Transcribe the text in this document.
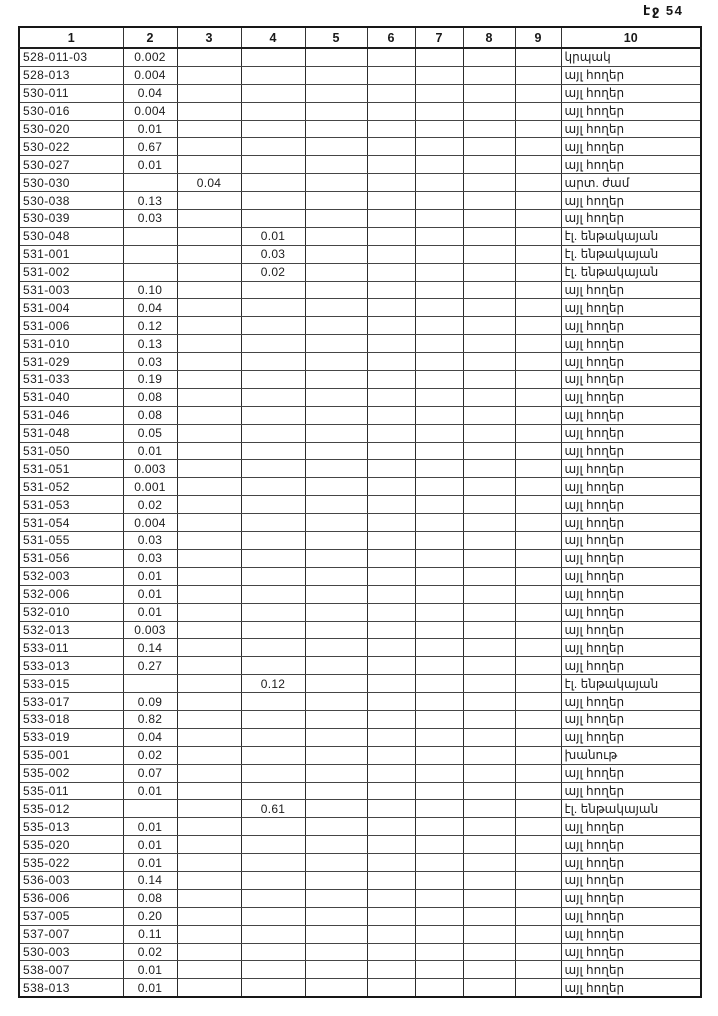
էջ 54
1	2	3	4	5	6	7	8	9	10
528-011-03	0.002								կրպակ
528-013	0.004								այլ հողեր
530-011	0.04								այլ հողեր
530-016	0.004								այլ հողեր
530-020	0.01								այլ հողեր
530-022	0.67								այլ հողեր
530-027	0.01								այլ հողեր
530-030		0.04							արտ. ժամ
530-038	0.13								այլ հողեր
530-039	0.03								այլ հողեր
530-048			0.01						էլ. ենթակայան
531-001			0.03						էլ. ենթակայան
531-002			0.02						էլ. ենթակայան
531-003	0.10								այլ հողեր
531-004	0.04								այլ հողեր
531-006	0.12								այլ հողեր
531-010	0.13								այլ հողեր
531-029	0.03								այլ հողեր
531-033	0.19								այլ հողեր
531-040	0.08								այլ հողեր
531-046	0.08								այլ հողեր
531-048	0.05								այլ հողեր
531-050	0.01								այլ հողեր
531-051	0.003								այլ հողեր
531-052	0.001								այլ հողեր
531-053	0.02								այլ հողեր
531-054	0.004								այլ հողեր
531-055	0.03								այլ հողեր
531-056	0.03								այլ հողեր
532-003	0.01								այլ հողեր
532-006	0.01								այլ հողեր
532-010	0.01								այլ հողեր
532-013	0.003								այլ հողեր
533-011	0.14								այլ հողեր
533-013	0.27								այլ հողեր
533-015			0.12						էլ. ենթակայան
533-017	0.09								այլ հողեր
533-018	0.82								այլ հողեր
533-019	0.04								այլ հողեր
535-001	0.02								խանութ
535-002	0.07								այլ հողեր
535-011	0.01								այլ հողեր
535-012			0.61						էլ. ենթակայան
535-013	0.01								այլ հողեր
535-020	0.01								այլ հողեր
535-022	0.01								այլ հողեր
536-003	0.14								այլ հողեր
536-006	0.08								այլ հողեր
537-005	0.20								այլ հողեր
537-007	0.11								այլ հողեր
530-003	0.02								այլ հողեր
538-007	0.01								այլ հողեր
538-013	0.01								այլ հողեր
